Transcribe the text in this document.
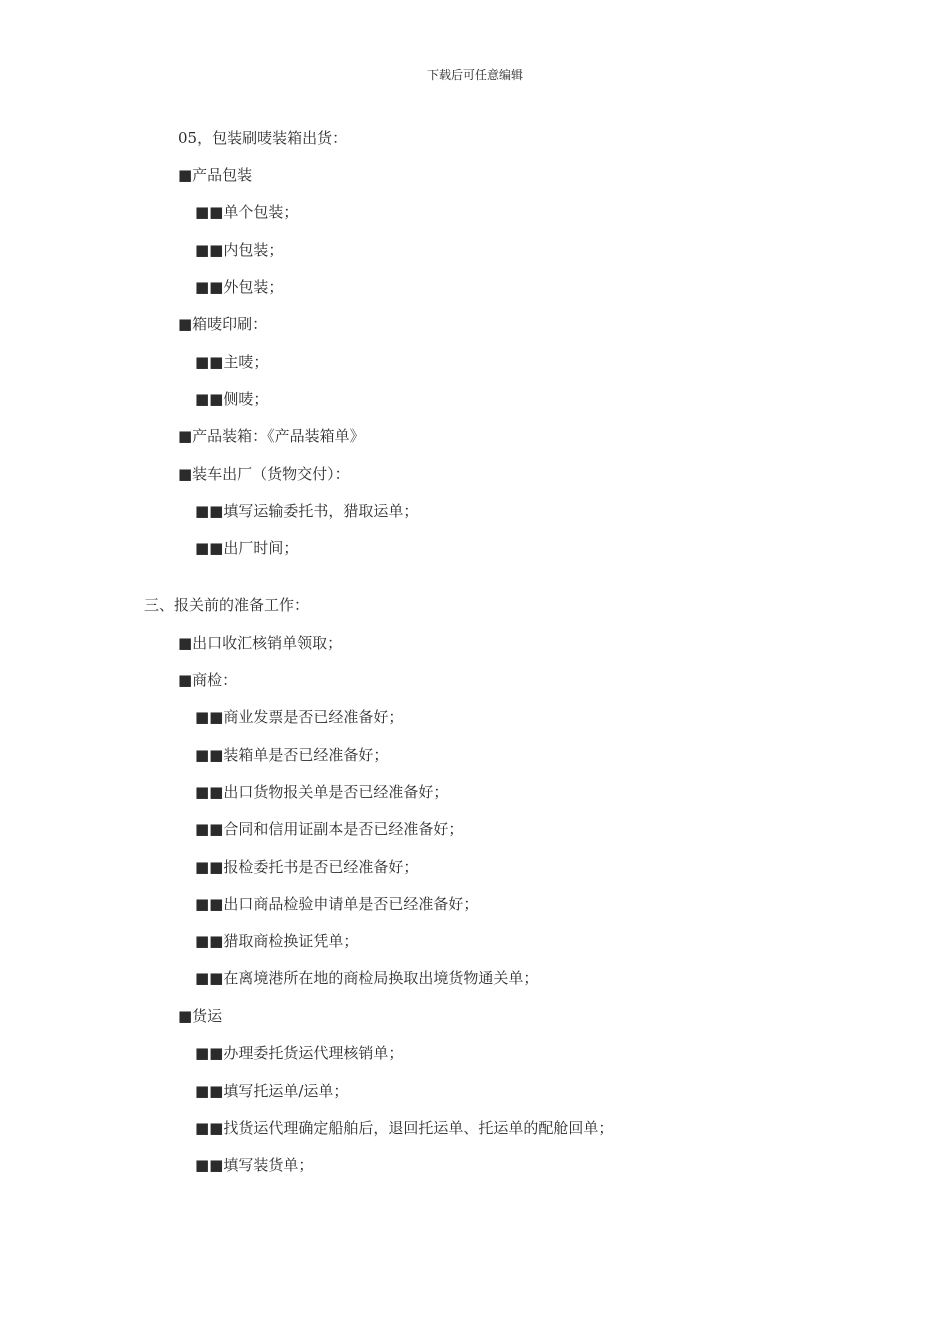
下载后可任意编辑
05，包装刷唛装箱出货：
■产品包装
■■单个包装；
■■内包装；
■■外包装；
■箱唛印刷：
■■主唛；
■■侧唛；
■产品装箱：《产品装箱单》
■装车出厂（货物交付）：
■■填写运输委托书，猎取运单；
■■出厂时间；
三、报关前的准备工作：
■出口收汇核销单领取；
■商检：
■■商业发票是否已经准备好；
■■装箱单是否已经准备好；
■■出口货物报关单是否已经准备好；
■■合同和信用证副本是否已经准备好；
■■报检委托书是否已经准备好；
■■出口商品检验申请单是否已经准备好；
■■猎取商检换证凭单；
■■在离境港所在地的商检局换取出境货物通关单；
■货运
■■办理委托货运代理核销单；
■■填写托运单/运单；
■■找货运代理确定船舶后，退回托运单、托运单的配舱回单；
■■填写装货单；
